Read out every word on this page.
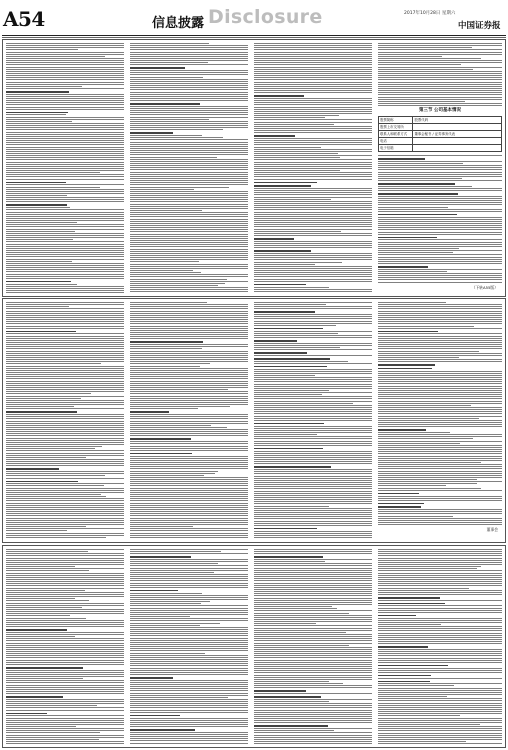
A54	信息披露 Disclosure	2017年10月28日 星期六
中国证券报
第三节 公司基本情况
股票简称	股票代码
股票上市交易所	
联系人和联系方式	董事会秘书 / 证券事务代表
电话	
电子信箱	
（下转A55版）
董事会
